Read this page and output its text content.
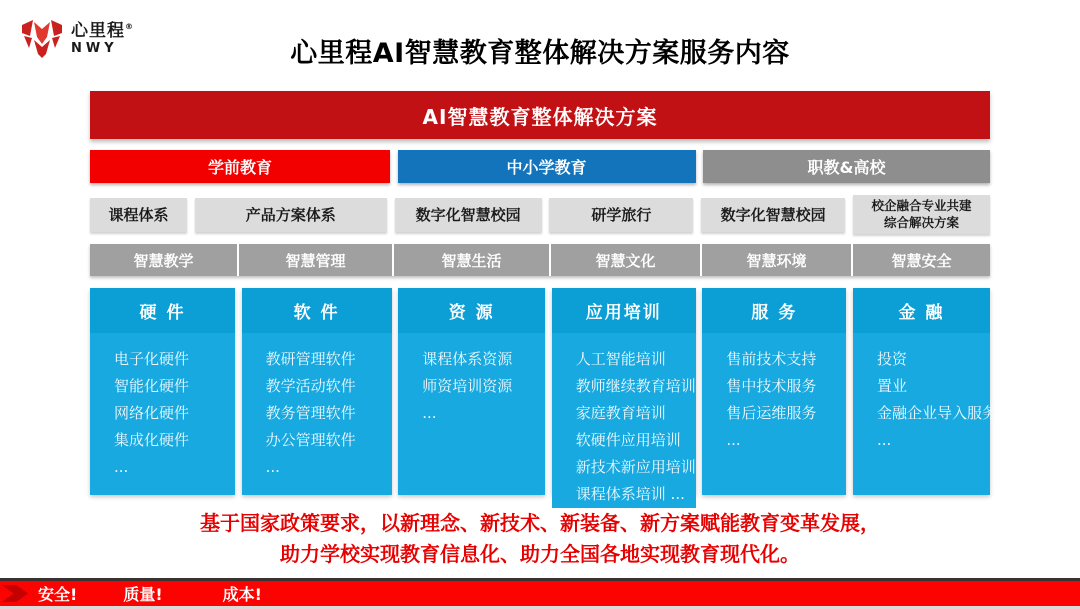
心里程®
NWY	心里程AI智慧教育整体解决方案服务内容
AI智慧教育整体解决方案
学前教育	中小学教育	职教&高校
课程体系	产品方案体系	数字化智慧校园	研学旅行	数字化智慧校园
校企融合专业共建
综合解决方案
智慧教学	智慧管理	智慧生活	智慧文化	智慧环境	智慧安全
硬 件
电子化硬件
智能化硬件
网络化硬件
集成化硬件
...
软 件
教研管理软件
教学活动软件
教务管理软件
办公管理软件
...
资 源
课程体系资源
师资培训资源
...
应用培训
人工智能培训
教师继续教育培训
家庭教育培训
软硬件应用培训
新技术新应用培训
课程体系培训 ...
服 务
售前技术支持
售中技术服务
售后运维服务
...
金 融
投资
置业
金融企业导入服务
...
基于国家政策要求，以新理念、新技术、新装备、新方案赋能教育变革发展，
助力学校实现教育信息化、助力全国各地实现教育现代化。
安全!	质量!	成本!
